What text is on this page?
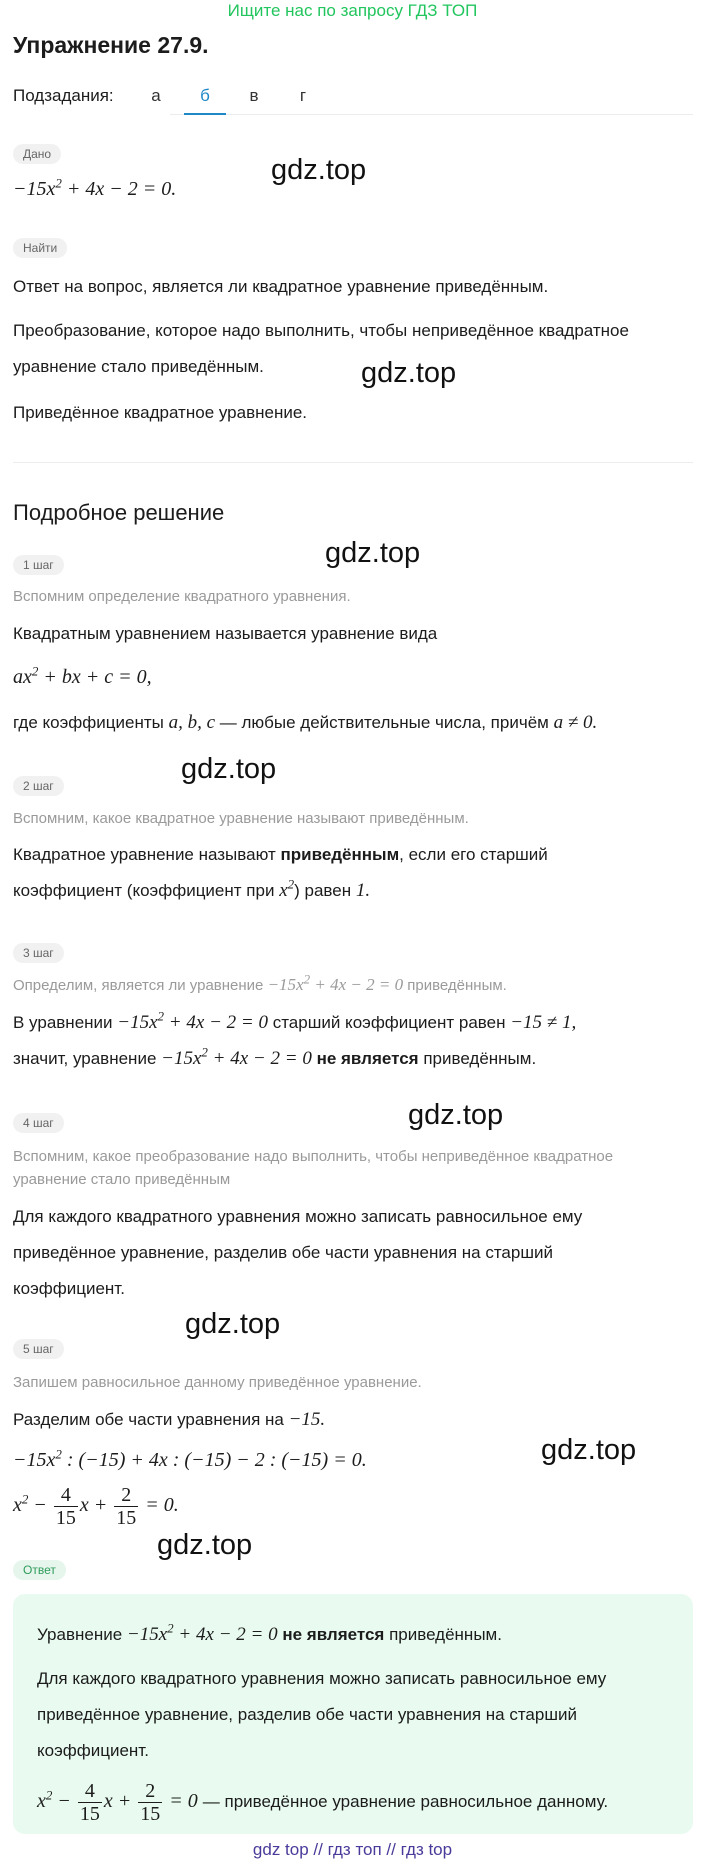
Ищите нас по запросу ГДЗ ТОП
Упражнение 27.9.
Подзадания:	а	б	в	г
Дано
$-15x^2 + 4x - 2 = 0$.
gdz.top
Найти
Ответ на вопрос, является ли квадратное уравнение приведённым.
Преобразование, которое надо выполнить, чтобы неприведённое квадратное
уравнение стало приведённым.	gdz.top
Приведённое квадратное уравнение.
Подробное решение
1 шаг	gdz.top
Вспомним определение квадратного уравнения.
Квадратным уравнением называется уравнение вида
$ax^2$ + bx + c = 0,
где коэффициенты a, b, c — любые действительные числа, причём a ≠ 0.
gdz.top
2 шаг
Вспомним, какое квадратное уравнение называют приведённым.
Квадратное уравнение называют приведённым, если его старший
коэффициент (коэффициент при $x^2$) равен 1.
3 шаг
Определим, является ли уравнение $-15x^2 + 4x - 2 = 0$ приведённым.
В уравнении $-15x^2 + 4x - 2 = 0$ старший коэффициент равен −15 ≠ 1,
значит, уравнение $-15x^2 + 4x - 2 = 0$ не является приведённым.
gdz.top
4 шаг
Вспомним, какое преобразование надо выполнить, чтобы неприведённое квадратное
уравнение стало приведённым
Для каждого квадратного уравнения можно записать равносильное ему
приведённое уравнение, разделив обе части уравнения на старший
коэффициент.
gdz.top
5 шаг
Запишем равносильное данному приведённое уравнение.
Разделим обе части уравнения на −15.
gdz.top
$-15x^2$ : (−15) + 4x : (−15) − 2 : (−15) = 0.
$x^2 - \frac{4}{15}$ $x + \frac{2}{15} = 0$.
gdz.top
Ответ
Уравнение $-15x^2 + 4x - 2 = 0$ не является приведённым.
Для каждого квадратного уравнения можно записать равносильное ему
приведённое уравнение, разделив обе части уравнения на старший
коэффициент.
$x^2 - \frac{4}{15}$ $x + \frac{2}{15} = 0$ — приведённое уравнение равносильное данному.
gdz top // гдз топ // гдз top
